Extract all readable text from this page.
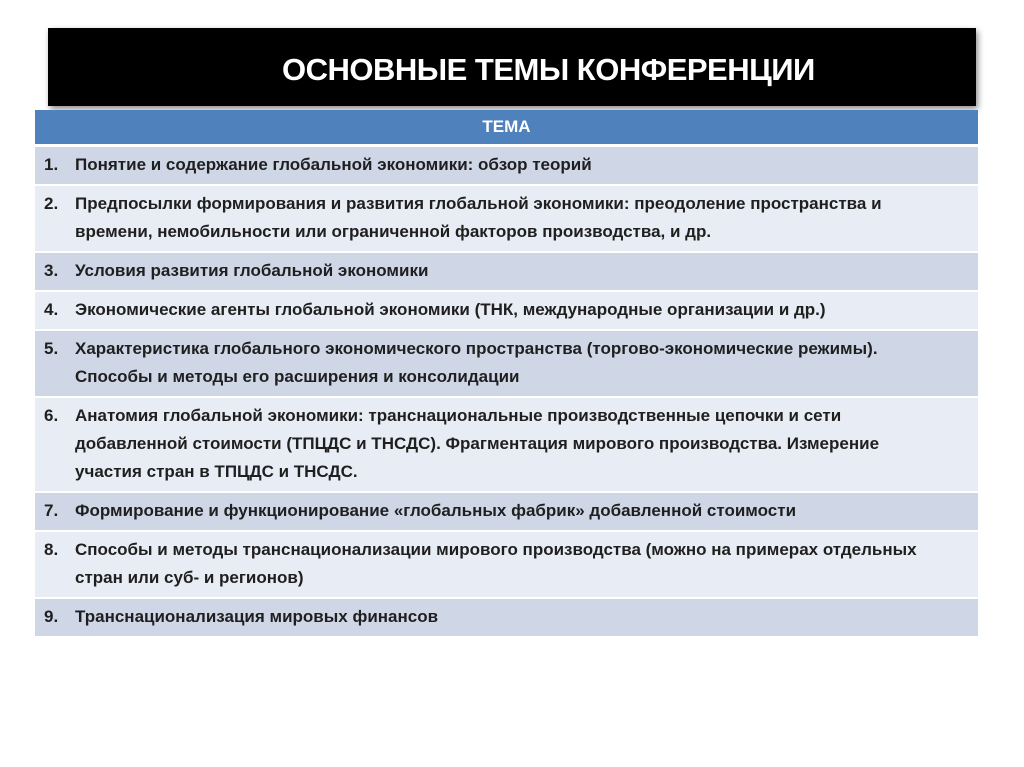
ОСНОВНЫЕ ТЕМЫ КОНФЕРЕНЦИИ
ТЕМА	

1.	Понятие и содержание глобальной экономики: обзор теорий

2.	Предпосылки формирования и развития глобальной экономики: преодоление пространства и времени, немобильности или ограниченной факторов производства, и др.

3.	Условия развития глобальной экономики

4.	Экономические агенты глобальной экономики (ТНК, международные организации и др.)

5.	Характеристика глобального экономического пространства (торгово-экономические режимы). Способы и методы его расширения и консолидации

6.	Анатомия глобальной экономики: транснациональные производственные цепочки и сети добавленной стоимости (ТПЦДС и ТНСДС). Фрагментация мирового производства. Измерение участия стран в ТПЦДС и ТНСДС.

7.	Формирование и функционирование «глобальных фабрик» добавленной стоимости

8.	Способы и методы транснационализации мирового производства (можно на примерах отдельных стран или суб- и регионов)

9.	Транснационализация мировых финансов
